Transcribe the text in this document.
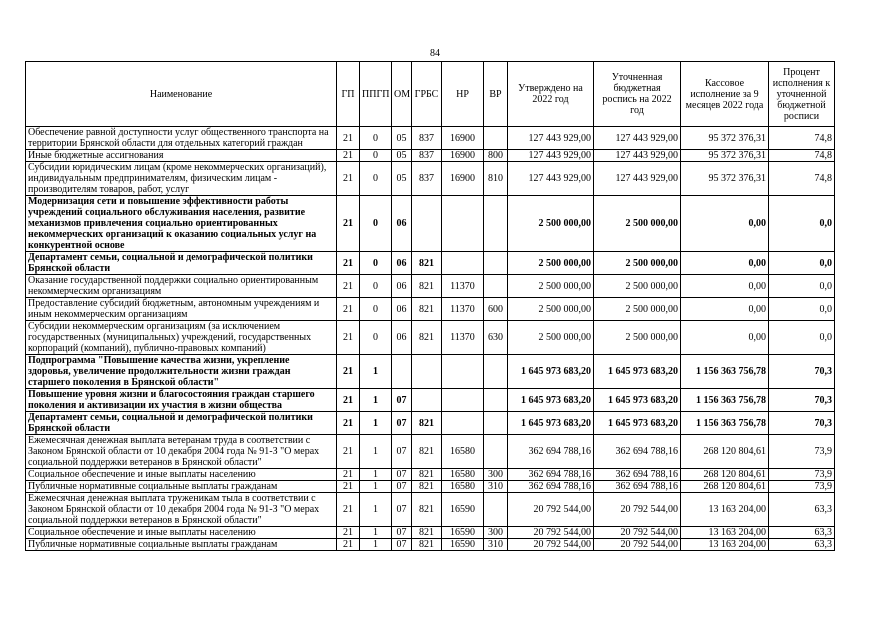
84
Наименование	ГП	ППГП	ОМ	ГРБС	НР	ВР	Утверждено на 2022 год	Уточненная бюджетная роспись на 2022 год	Кассовое исполнение за 9 месяцев 2022 года	Процент исполнения к уточненной бюджетной росписи
Обеспечение равной доступности услуг общественного транспорта на территории Брянской области для отдельных категорий граждан	21	0	05	837	16900		127 443 929,00	127 443 929,00	95 372 376,31	74,8
Иные бюджетные ассигнования	21	0	05	837	16900	800	127 443 929,00	127 443 929,00	95 372 376,31	74,8
Субсидии юридическим лицам (кроме некоммерческих организаций), индивидуальным предпринимателям, физическим лицам - производителям товаров, работ, услуг	21	0	05	837	16900	810	127 443 929,00	127 443 929,00	95 372 376,31	74,8
Модернизация сети и повышение эффективности работы учреждений социального обслуживания населения, развитие механизмов привлечения социально ориентированных некоммерческих организаций к оказанию социальных услуг на конкурентной основе	21	0	06				2 500 000,00	2 500 000,00	0,00	0,0
Департамент семьи, социальной и демографической политики Брянской области	21	0	06	821			2 500 000,00	2 500 000,00	0,00	0,0
Оказание государственной поддержки социально ориентированным некоммерческим организациям	21	0	06	821	11370		2 500 000,00	2 500 000,00	0,00	0,0
Предоставление субсидий бюджетным, автономным учреждениям и иным некоммерческим организациям	21	0	06	821	11370	600	2 500 000,00	2 500 000,00	0,00	0,0
Субсидии некоммерческим организациям (за исключением государственных (муниципальных) учреждений, государственных корпораций (компаний), публично-правовых компаний)	21	0	06	821	11370	630	2 500 000,00	2 500 000,00	0,00	0,0
Подпрограмма "Повышение качества жизни, укрепление здоровья, увеличение продолжительности жизни граждан старшего поколения в Брянской области"	21	1					1 645 973 683,20	1 645 973 683,20	1 156 363 756,78	70,3
Повышение уровня жизни и благосостояния граждан старшего поколения и активизации их участия в жизни общества	21	1	07				1 645 973 683,20	1 645 973 683,20	1 156 363 756,78	70,3
Департамент семьи, социальной и демографической политики Брянской области	21	1	07	821			1 645 973 683,20	1 645 973 683,20	1 156 363 756,78	70,3
Ежемесячная денежная выплата ветеранам труда в соответствии с Законом Брянской области от 10 декабря 2004 года № 91-З "О мерах социальной поддержки ветеранов в Брянской области"	21	1	07	821	16580		362 694 788,16	362 694 788,16	268 120 804,61	73,9
Социальное обеспечение и иные выплаты населению	21	1	07	821	16580	300	362 694 788,16	362 694 788,16	268 120 804,61	73,9
Публичные нормативные социальные выплаты гражданам	21	1	07	821	16580	310	362 694 788,16	362 694 788,16	268 120 804,61	73,9
Ежемесячная денежная выплата труженикам тыла в соответствии с Законом Брянской области от 10 декабря 2004 года № 91-З "О мерах социальной поддержки ветеранов в Брянской области"	21	1	07	821	16590		20 792 544,00	20 792 544,00	13 163 204,00	63,3
Социальное обеспечение и иные выплаты населению	21	1	07	821	16590	300	20 792 544,00	20 792 544,00	13 163 204,00	63,3
Публичные нормативные социальные выплаты гражданам	21	1	07	821	16590	310	20 792 544,00	20 792 544,00	13 163 204,00	63,3
